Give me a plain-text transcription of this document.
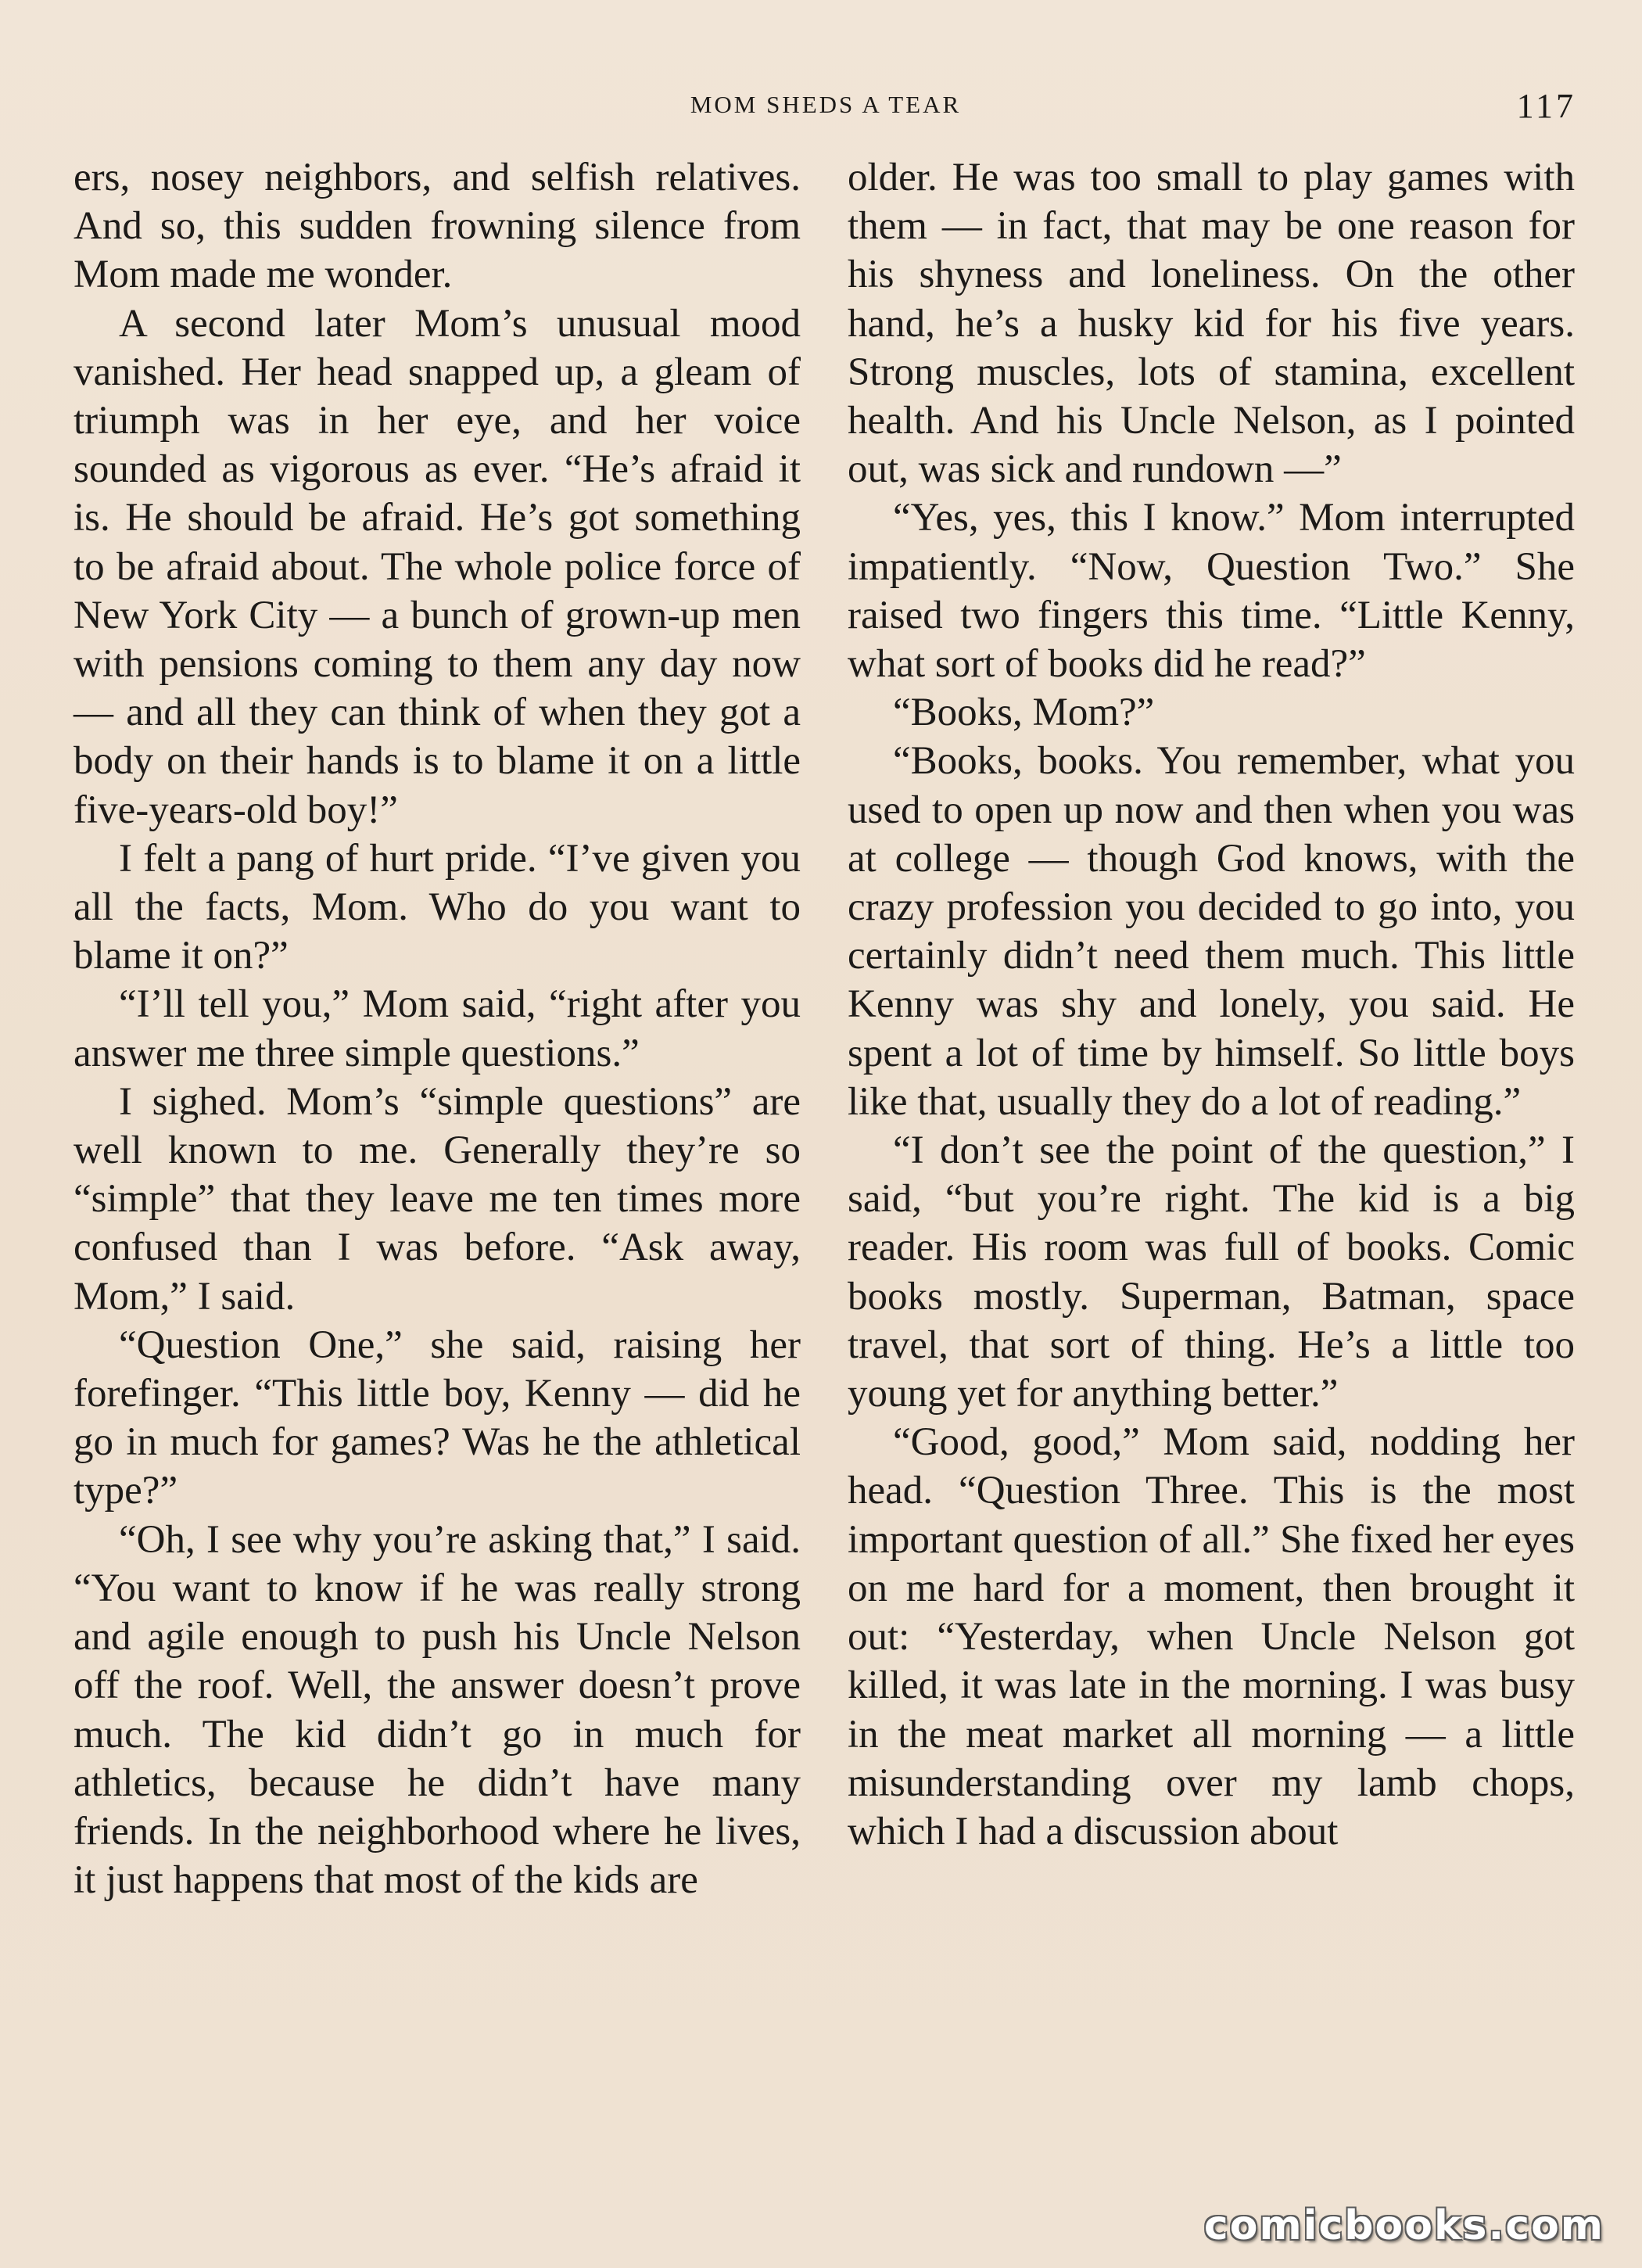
MOM SHEDS A TEAR	117

ers, nosey neighbors, and selfish relatives. And so, this sudden frowning silence from Mom made me wonder.

A second later Mom’s unusual mood vanished. Her head snapped up, a gleam of triumph was in her eye, and her voice sounded as vigorous as ever. “He’s afraid it is. He should be afraid. He’s got something to be afraid about. The whole police force of New York City — a bunch of grown-up men with pensions coming to them any day now — and all they can think of when they got a body on their hands is to blame it on a little five-years-old boy!”

I felt a pang of hurt pride. “I’ve given you all the facts, Mom. Who do you want to blame it on?”

“I’ll tell you,” Mom said, “right after you answer me three simple questions.”

I sighed. Mom’s “simple questions” are well known to me. Generally they’re so “simple” that they leave me ten times more confused than I was before. “Ask away, Mom,” I said.

“Question One,” she said, raising her forefinger. “This little boy, Kenny — did he go in much for games? Was he the athletical type?”

“Oh, I see why you’re asking that,” I said. “You want to know if he was really strong and agile enough to push his Uncle Nelson off the roof. Well, the answer doesn’t prove much. The kid didn’t go in much for athletics, because he didn’t have many friends. In the neighborhood where he lives, it just happens that most of the kids are

older. He was too small to play games with them — in fact, that may be one reason for his shyness and loneliness. On the other hand, he’s a husky kid for his five years. Strong muscles, lots of stamina, excellent health. And his Uncle Nelson, as I pointed out, was sick and rundown —”

“Yes, yes, this I know.” Mom interrupted impatiently. “Now, Question Two.” She raised two fingers this time. “Little Kenny, what sort of books did he read?”

“Books, Mom?”

“Books, books. You remember, what you used to open up now and then when you was at college — though God knows, with the crazy profession you decided to go into, you certainly didn’t need them much. This little Kenny was shy and lonely, you said. He spent a lot of time by himself. So little boys like that, usually they do a lot of reading.”

“I don’t see the point of the question,” I said, “but you’re right. The kid is a big reader. His room was full of books. Comic books mostly. Superman, Batman, space travel, that sort of thing. He’s a little too young yet for anything better.”

“Good, good,” Mom said, nodding her head. “Question Three. This is the most important question of all.” She fixed her eyes on me hard for a moment, then brought it out: “Yesterday, when Uncle Nelson got killed, it was late in the morning. I was busy in the meat market all morning — a little misunderstanding over my lamb chops, which I had a discussion about

comicbooks.com
